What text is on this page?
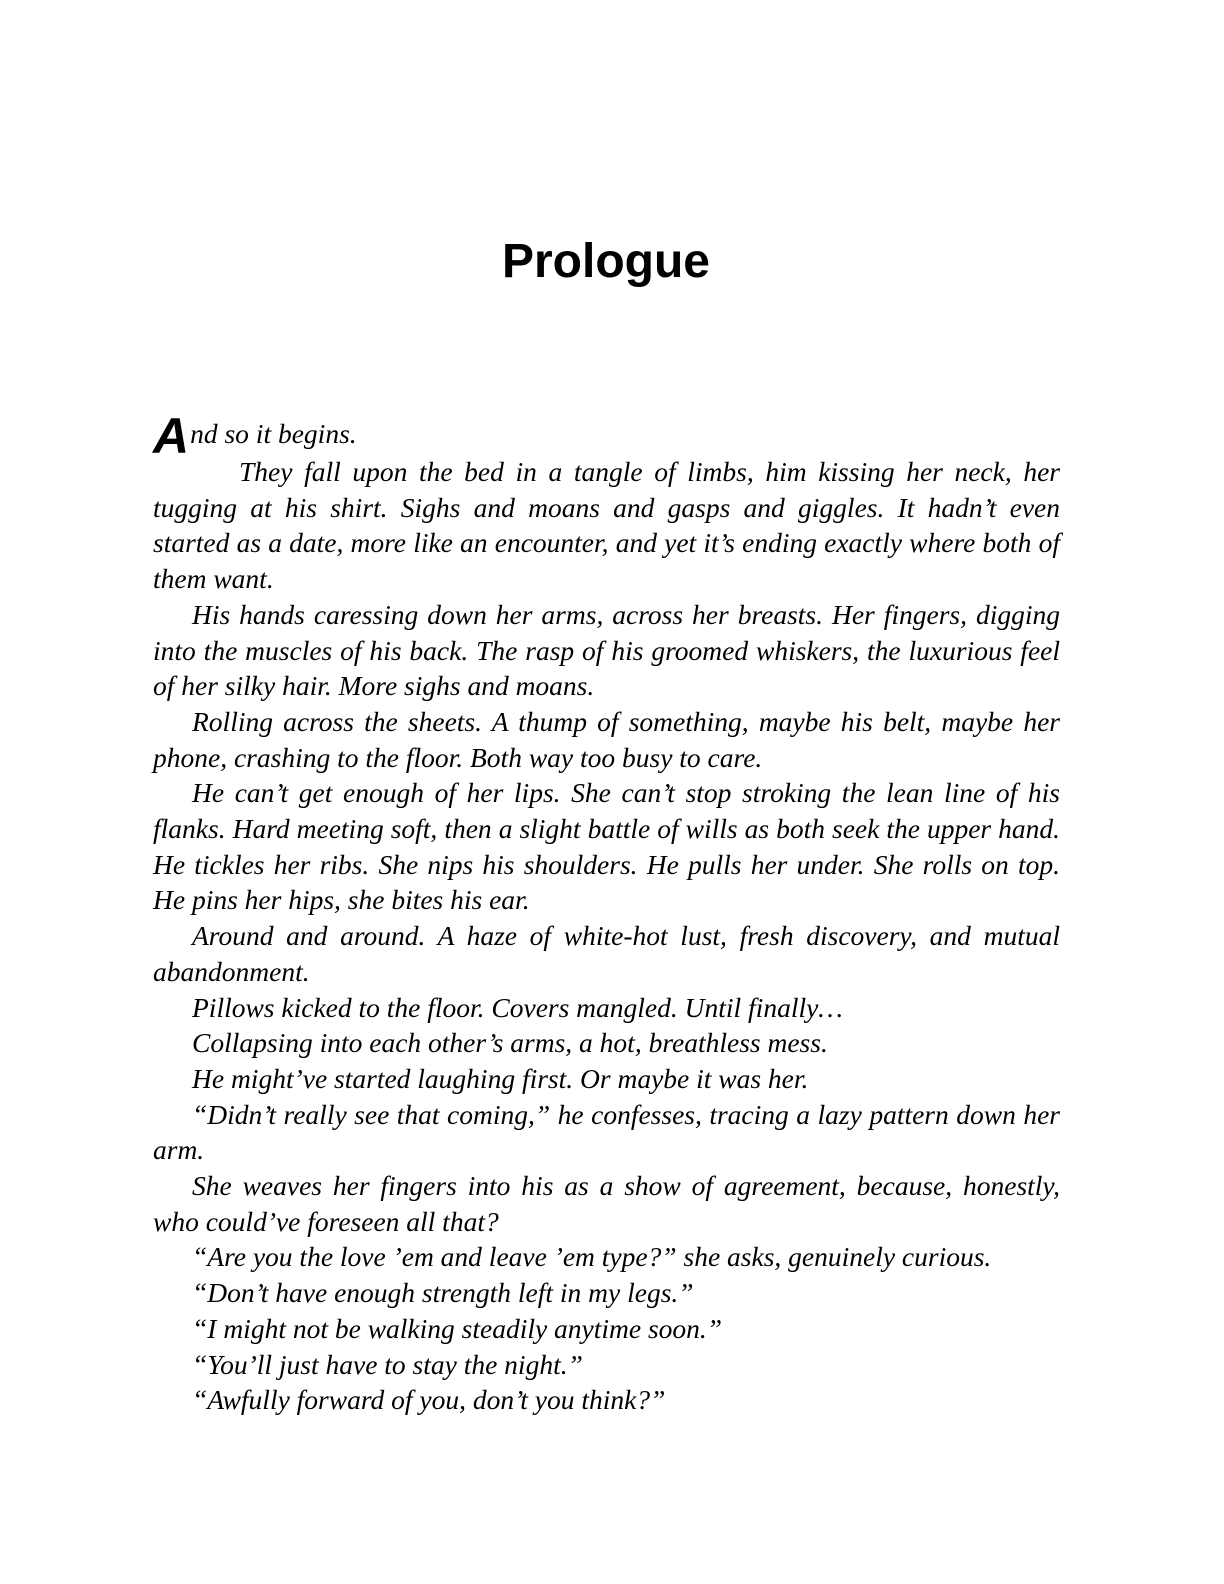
Prologue

And so it begins.

They fall upon the bed in a tangle of limbs, him kissing her neck, her tugging at his shirt. Sighs and moans and gasps and giggles. It hadn’t even started as a date, more like an encounter, and yet it’s ending exactly where both of them want.

His hands caressing down her arms, across her breasts. Her fingers, digging into the muscles of his back. The rasp of his groomed whiskers, the luxurious feel of her silky hair. More sighs and moans.

Rolling across the sheets. A thump of something, maybe his belt, maybe her phone, crashing to the floor. Both way too busy to care.

He can’t get enough of her lips. She can’t stop stroking the lean line of his flanks. Hard meeting soft, then a slight battle of wills as both seek the upper hand. He tickles her ribs. She nips his shoulders. He pulls her under. She rolls on top. He pins her hips, she bites his ear.

Around and around. A haze of white-hot lust, fresh discovery, and mutual abandonment.

Pillows kicked to the floor. Covers mangled. Until finally…

Collapsing into each other’s arms, a hot, breathless mess.

He might’ve started laughing first. Or maybe it was her.

“Didn’t really see that coming,” he confesses, tracing a lazy pattern down her arm.

She weaves her fingers into his as a show of agreement, because, honestly, who could’ve foreseen all that?

“Are you the love ’em and leave ’em type?” she asks, genuinely curious.

“Don’t have enough strength left in my legs.”

“I might not be walking steadily anytime soon.”

“You’ll just have to stay the night.”

“Awfully forward of you, don’t you think?”
